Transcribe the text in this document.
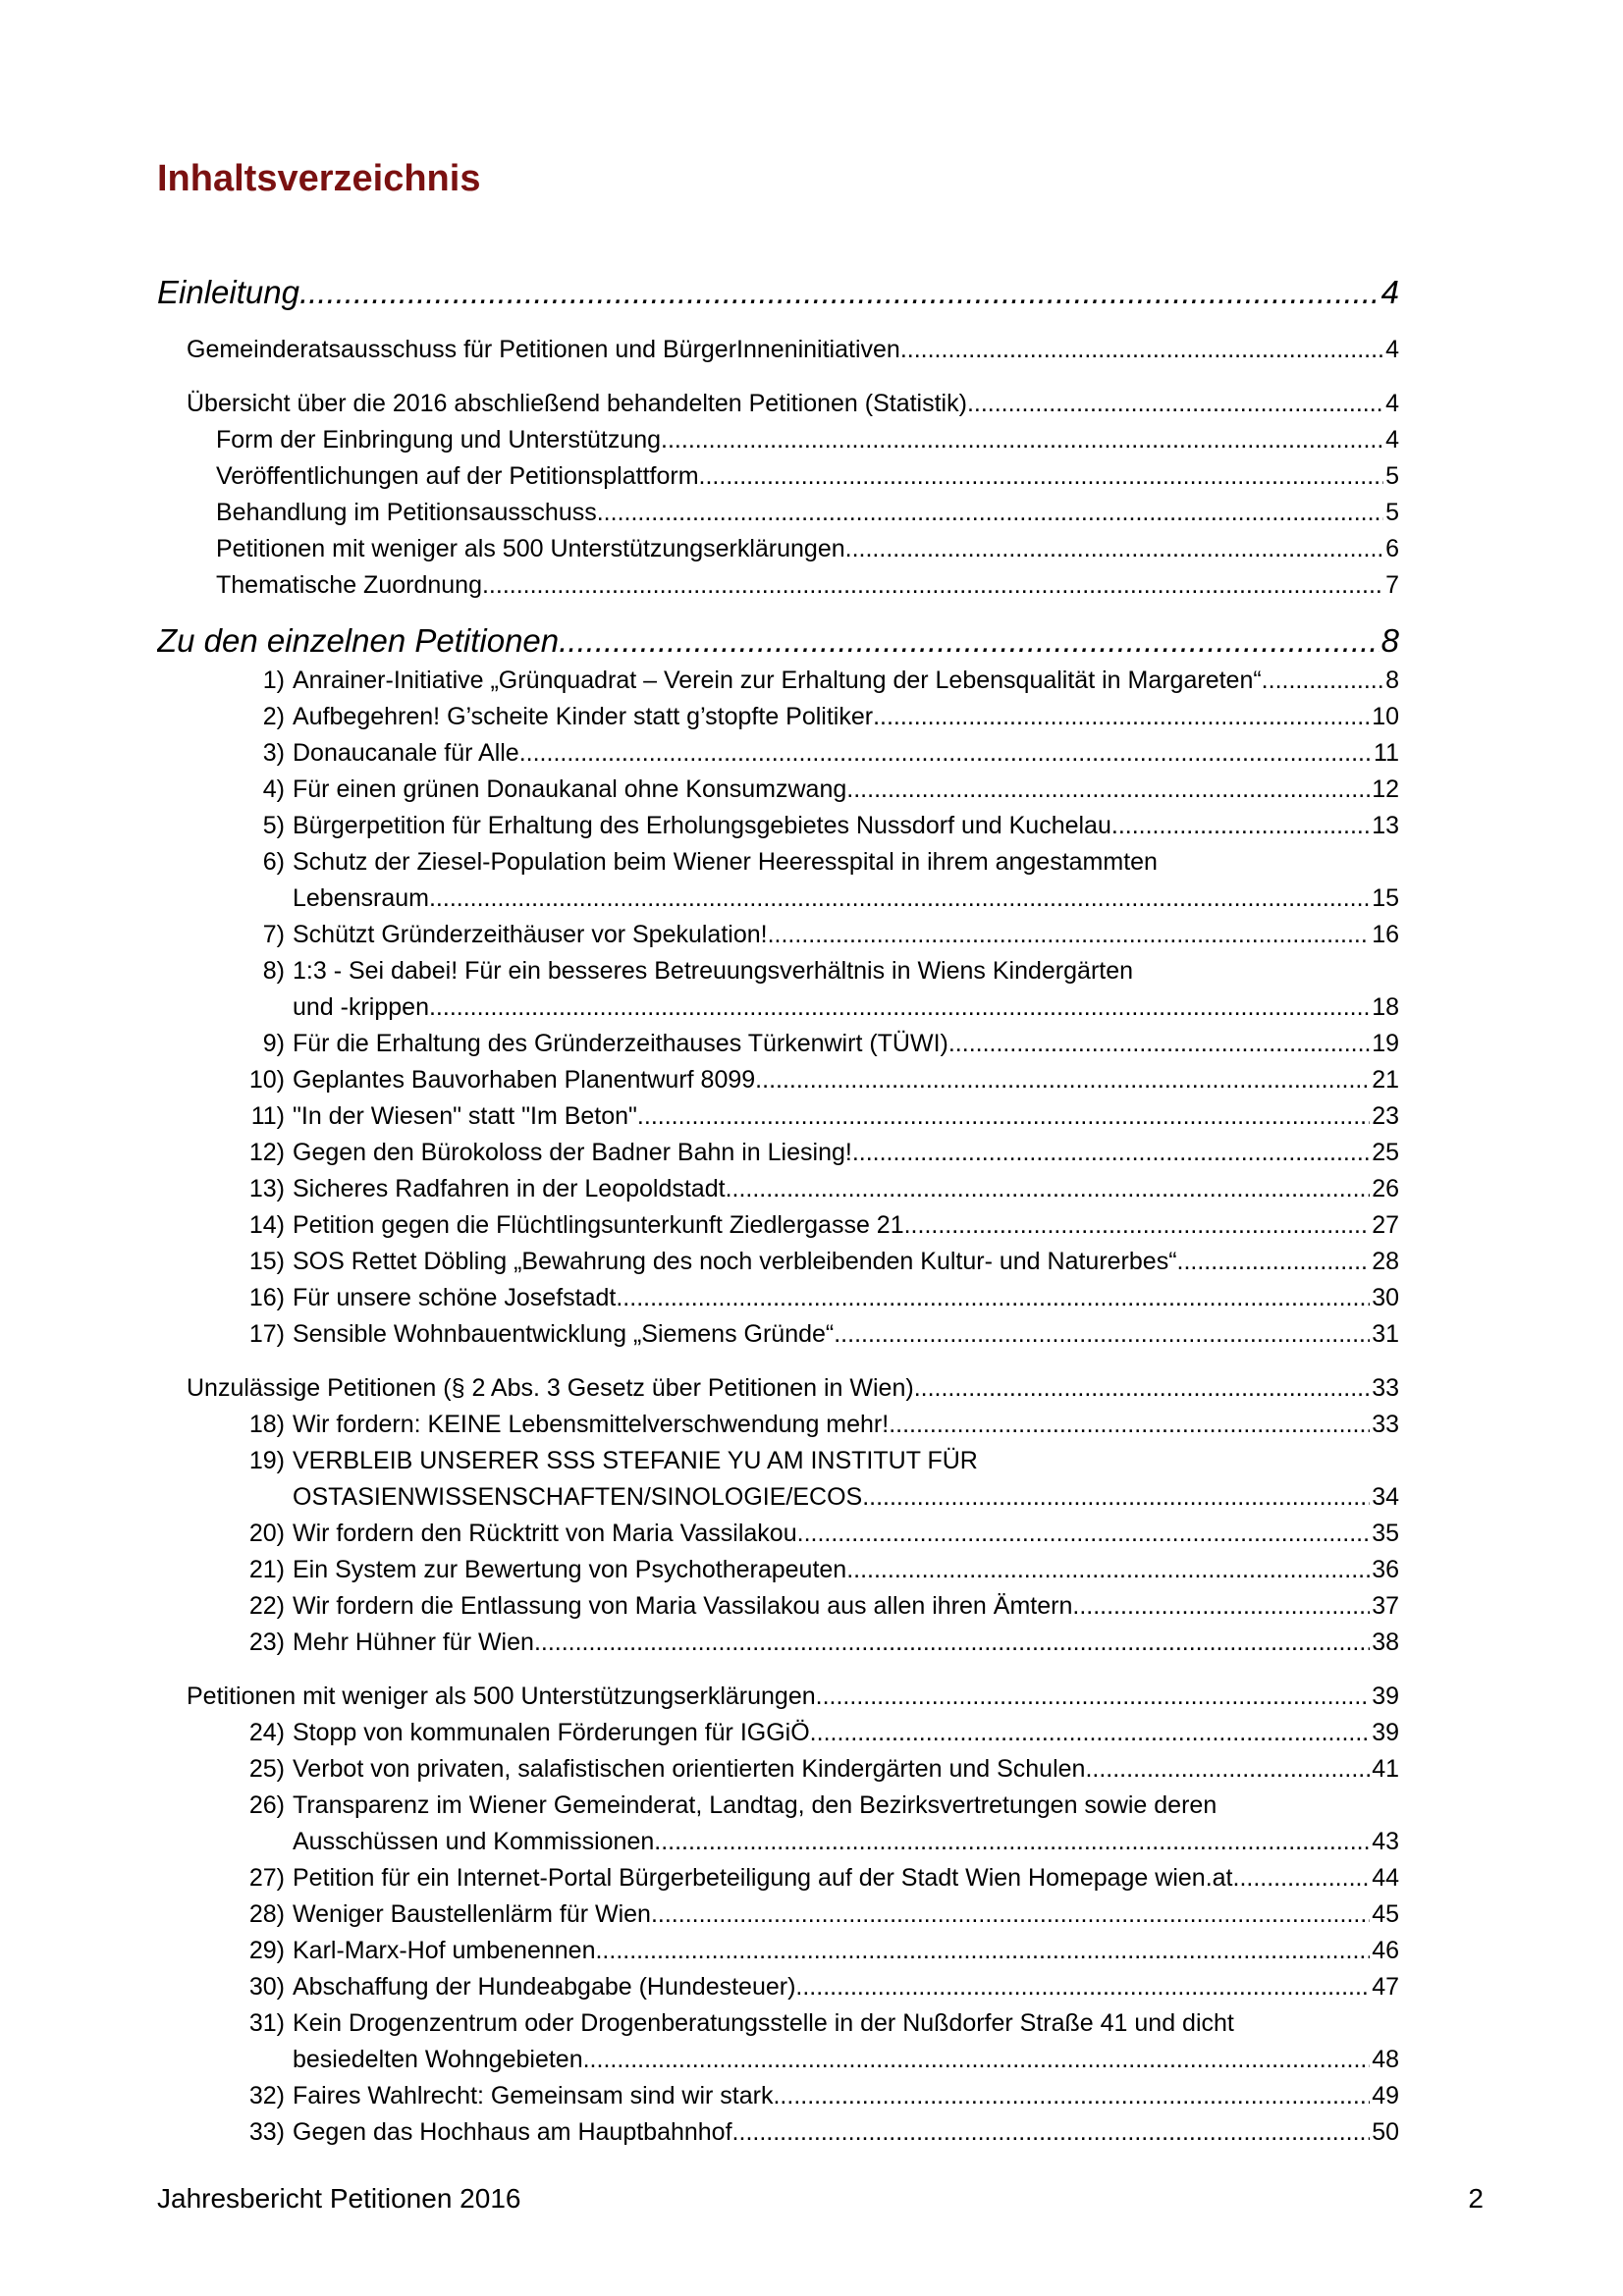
Inhaltsverzeichnis
Einleitung .....	4
Gemeinderatsausschuss für Petitionen und BürgerInneninitiativen .....	4
Übersicht über die 2016 abschließend behandelten Petitionen (Statistik) .....	4
Form der Einbringung und Unterstützung .....	4
Veröffentlichungen auf der Petitionsplattform .....	5
Behandlung im Petitionsausschuss .....	5
Petitionen mit weniger als 500 Unterstützungserklärungen .....	6
Thematische Zuordnung .....	7
Zu den einzelnen Petitionen .....	8
1) Anrainer-Initiative „Grünquadrat – Verein zur Erhaltung der Lebensqualität in Margareten“ .....	8
2) Aufbegehren! G’scheite Kinder statt g’stopfte Politiker .....	10
3) Donaucanale für Alle .....	11
4) Für einen grünen Donaukanal ohne Konsumzwang .....	12
5) Bürgerpetition für Erhaltung des Erholungsgebietes Nussdorf und Kuchelau .....	13
6) Schutz der Ziesel-Population beim Wiener Heeresspital in ihrem angestammten
Lebensraum .....	15
7) Schützt Gründerzeithäuser vor Spekulation! .....	16
8) 1:3 - Sei dabei! Für ein besseres Betreuungsverhältnis in Wiens Kindergärten
und -krippen .....	18
9) Für die Erhaltung des Gründerzeithauses Türkenwirt (TÜWI) .....	19
10) Geplantes Bauvorhaben Planentwurf 8099 .....	21
11) "In der Wiesen" statt "Im Beton" .....	23
12) Gegen den Bürokoloss der Badner Bahn in Liesing! .....	25
13) Sicheres Radfahren in der Leopoldstadt .....	26
14) Petition gegen die Flüchtlingsunterkunft Ziedlergasse 21 .....	27
15) SOS Rettet Döbling „Bewahrung des noch verbleibenden Kultur- und Naturerbes“ .....	28
16) Für unsere schöne Josefstadt .....	30
17) Sensible Wohnbauentwicklung „Siemens Gründe“ .....	31
Unzulässige Petitionen (§ 2 Abs. 3 Gesetz über Petitionen in Wien) .....	33
18) Wir fordern: KEINE Lebensmittelverschwendung mehr! .....	33
19) VERBLEIB UNSERER SSS STEFANIE YU AM INSTITUT FÜR
OSTASIENWISSENSCHAFTEN/SINOLOGIE/ECOS .....	34
20) Wir fordern den Rücktritt von Maria Vassilakou .....	35
21) Ein System zur Bewertung von Psychotherapeuten .....	36
22) Wir fordern die Entlassung von Maria Vassilakou aus allen ihren Ämtern .....	37
23) Mehr Hühner für Wien .....	38
Petitionen mit weniger als 500 Unterstützungserklärungen .....	39
24) Stopp von kommunalen Förderungen für IGGiÖ .....	39
25) Verbot von privaten, salafistischen orientierten Kindergärten und Schulen .....	41
26) Transparenz im Wiener Gemeinderat, Landtag, den Bezirksvertretungen sowie deren
Ausschüssen und Kommissionen .....	43
27) Petition für ein Internet-Portal Bürgerbeteiligung auf der Stadt Wien Homepage wien.at .....	44
28) Weniger Baustellenlärm für Wien .....	45
29) Karl-Marx-Hof umbenennen .....	46
30) Abschaffung der Hundeabgabe (Hundesteuer) .....	47
31) Kein Drogenzentrum oder Drogenberatungsstelle in der Nußdorfer Straße 41 und dicht
besiedelten Wohngebieten .....	48
32) Faires Wahlrecht: Gemeinsam sind wir stark .....	49
33) Gegen das Hochhaus am Hauptbahnhof .....	50
Jahresbericht Petitionen 2016	2
